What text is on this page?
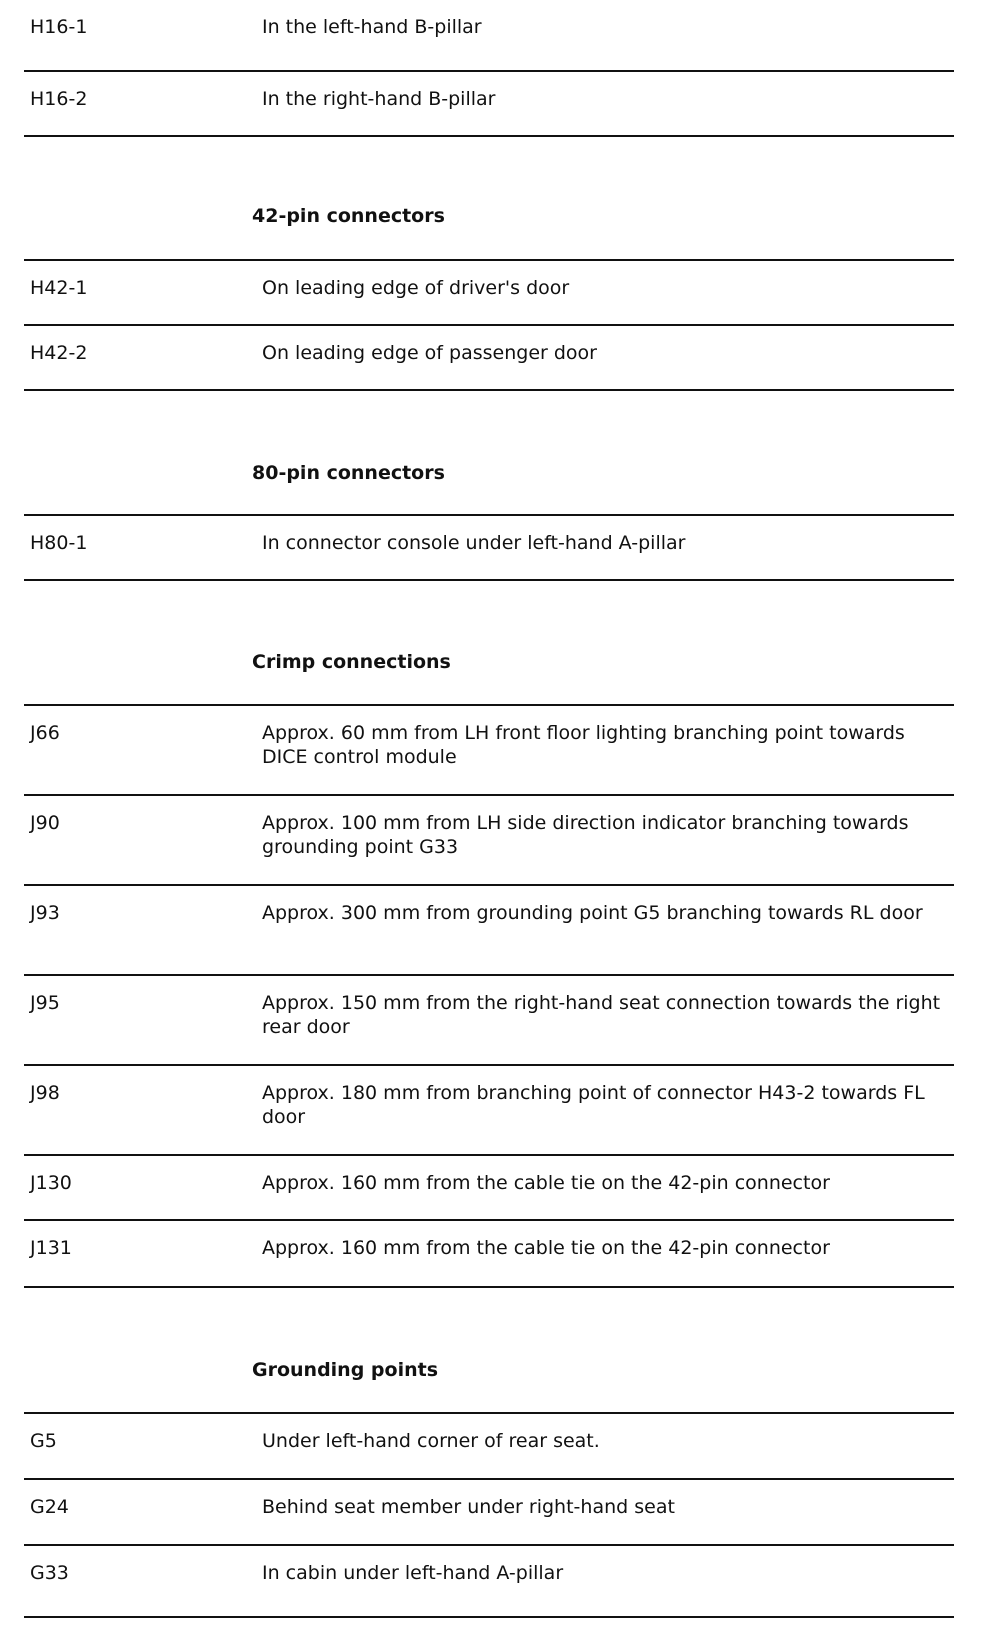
H16-1	In the left-hand B-pillar
H16-2	In the right-hand B-pillar
42-pin connectors
H42-1	On leading edge of driver's door
H42-2	On leading edge of passenger door
80-pin connectors
H80-1	In connector console under left-hand A-pillar
Crimp connections
J66	Approx. 60 mm from LH front floor lighting branching point towards DICE control module
J90	Approx. 100 mm from LH side direction indicator branching towards grounding point G33
J93	Approx. 300 mm from grounding point G5 branching towards RL door
J95	Approx. 150 mm from the right-hand seat connection towards the right rear door
J98	Approx. 180 mm from branching point of connector H43-2 towards FL door
J130	Approx. 160 mm from the cable tie on the 42-pin connector
J131	Approx. 160 mm from the cable tie on the 42-pin connector
Grounding points
G5	Under left-hand corner of rear seat.
G24	Behind seat member under right-hand seat
G33	In cabin under left-hand A-pillar
